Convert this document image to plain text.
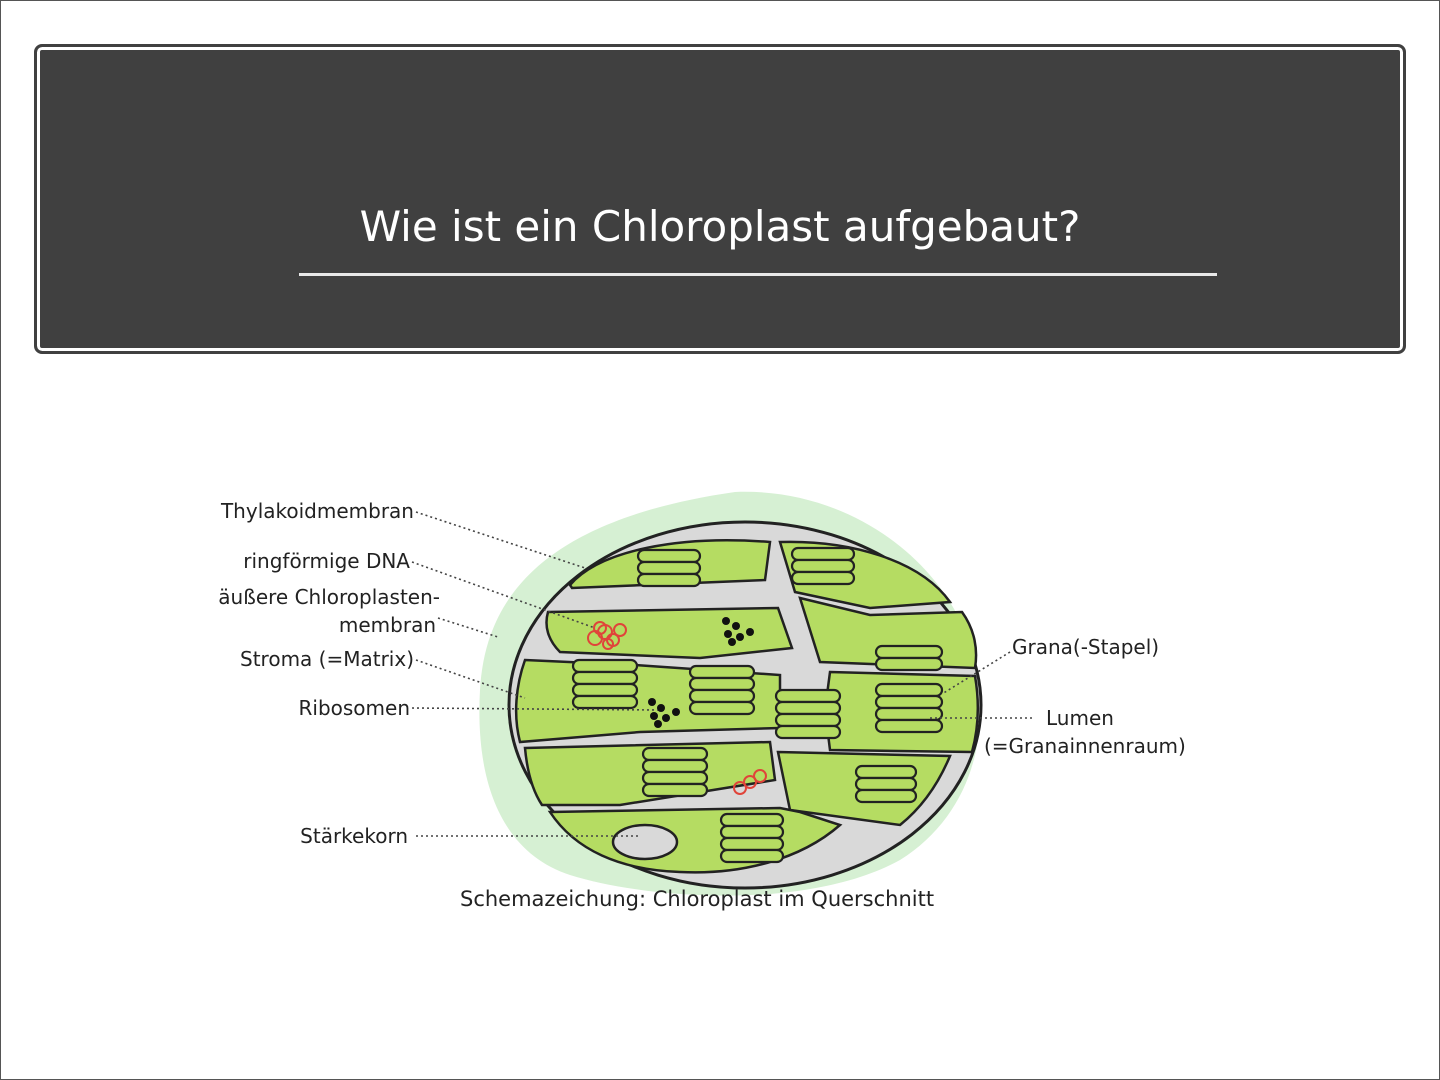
Wie ist ein Chloroplast aufgebaut?
Thylakoidmembran
ringförmige DNA
äußere Chloroplasten-
membran
Stroma (=Matrix)
Ribosomen
Stärkekorn
Grana(-Stapel)
Lumen
(=Granainnenraum)
Schemazeichung: Chloroplast im Querschnitt
